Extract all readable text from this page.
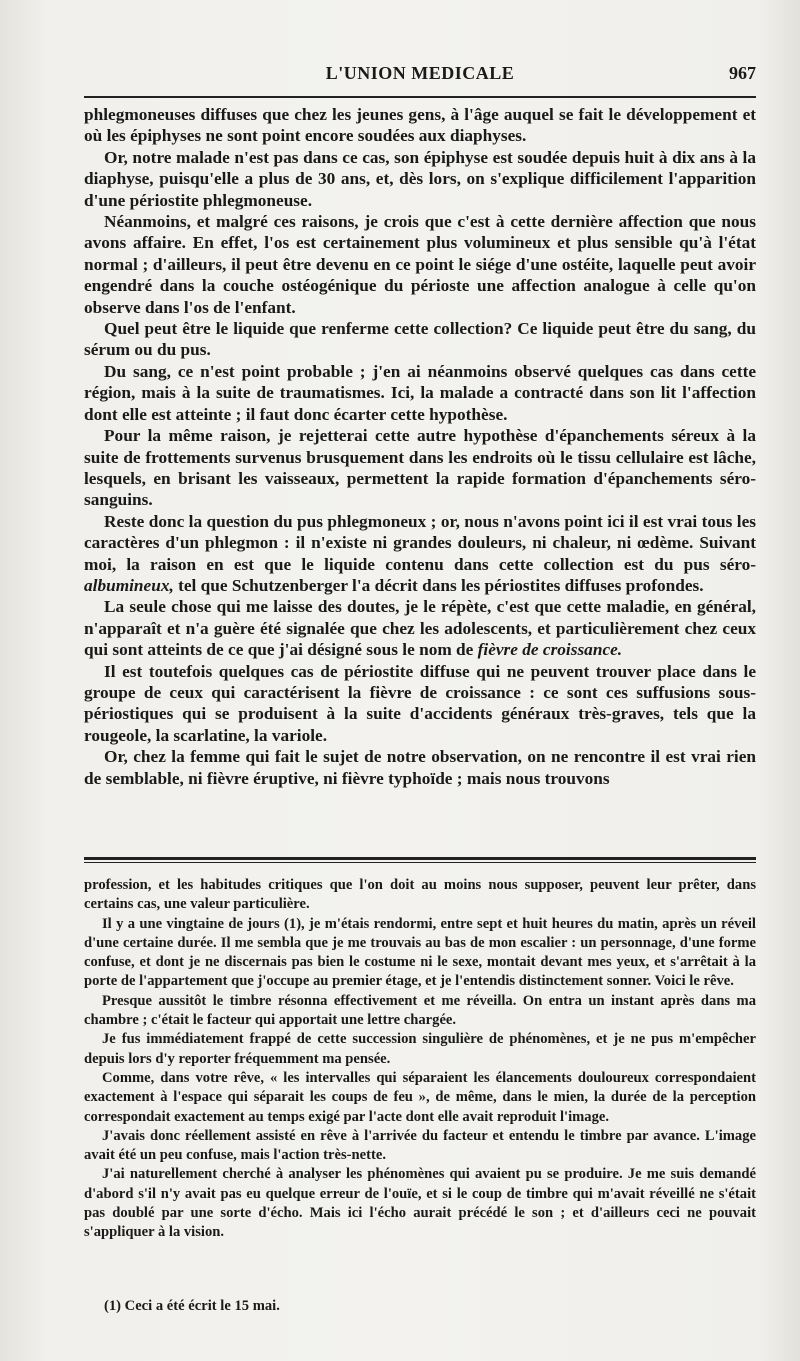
L'UNION MEDICALE	967

phlegmoneuses diffuses que chez les jeunes gens, à l'âge auquel se fait le développement et où les épiphyses ne sont point encore soudées aux diaphyses.

Or, notre malade n'est pas dans ce cas, son épiphyse est soudée depuis huit à dix ans à la diaphyse, puisqu'elle a plus de 30 ans, et, dès lors, on s'explique difficilement l'apparition d'une périostite phlegmoneuse.

Néanmoins, et malgré ces raisons, je crois que c'est à cette dernière affection que nous avons affaire. En effet, l'os est certainement plus volumineux et plus sensible qu'à l'état normal ; d'ailleurs, il peut être devenu en ce point le siége d'une ostéite, laquelle peut avoir engendré dans la couche ostéogénique du périoste une affection analogue à celle qu'on observe dans l'os de l'enfant.

Quel peut être le liquide que renferme cette collection? Ce liquide peut être du sang, du sérum ou du pus.

Du sang, ce n'est point probable ; j'en ai néanmoins observé quelques cas dans cette région, mais à la suite de traumatismes. Ici, la malade a contracté dans son lit l'affection dont elle est atteinte ; il faut donc écarter cette hypothèse.

Pour la même raison, je rejetterai cette autre hypothèse d'épanchements séreux à la suite de frottements survenus brusquement dans les endroits où le tissu cellulaire est lâche, lesquels, en brisant les vaisseaux, permettent la rapide formation d'épanchements séro-sanguins.

Reste donc la question du pus phlegmoneux ; or, nous n'avons point ici il est vrai tous les caractères d'un phlegmon : il n'existe ni grandes douleurs, ni chaleur, ni œdème. Suivant moi, la raison en est que le liquide contenu dans cette collection est du pus séro-albumineux, tel que Schutzenberger l'a décrit dans les périostites diffuses profondes.

La seule chose qui me laisse des doutes, je le répète, c'est que cette maladie, en général, n'apparaît et n'a guère été signalée que chez les adolescents, et particulièrement chez ceux qui sont atteints de ce que j'ai désigné sous le nom de fièvre de croissance.

Il est toutefois quelques cas de périostite diffuse qui ne peuvent trouver place dans le groupe de ceux qui caractérisent la fièvre de croissance : ce sont ces suffusions sous-périostiques qui se produisent à la suite d'accidents généraux très-graves, tels que la rougeole, la scarlatine, la variole.

Or, chez la femme qui fait le sujet de notre observation, on ne rencontre il est vrai rien de semblable, ni fièvre éruptive, ni fièvre typhoïde ; mais nous trouvons

profession, et les habitudes critiques que l'on doit au moins nous supposer, peuvent leur prêter, dans certains cas, une valeur particulière.

Il y a une vingtaine de jours (1), je m'étais rendormi, entre sept et huit heures du matin, après un réveil d'une certaine durée. Il me sembla que je me trouvais au bas de mon escalier : un personnage, d'une forme confuse, et dont je ne discernais pas bien le costume ni le sexe, montait devant mes yeux, et s'arrêtait à la porte de l'appartement que j'occupe au premier étage, et je l'entendis distinctement sonner. Voici le rêve.

Presque aussitôt le timbre résonna effectivement et me réveilla. On entra un instant après dans ma chambre ; c'était le facteur qui apportait une lettre chargée.

Je fus immédiatement frappé de cette succession singulière de phénomènes, et je ne pus m'empêcher depuis lors d'y reporter fréquemment ma pensée.

Comme, dans votre rêve, « les intervalles qui séparaient les élancements douloureux correspondaient exactement à l'espace qui séparait les coups de feu », de même, dans le mien, la durée de la perception correspondait exactement au temps exigé par l'acte dont elle avait reproduit l'image.

J'avais donc réellement assisté en rêve à l'arrivée du facteur et entendu le timbre par avance. L'image avait été un peu confuse, mais l'action très-nette.

J'ai naturellement cherché à analyser les phénomènes qui avaient pu se produire. Je me suis demandé d'abord s'il n'y avait pas eu quelque erreur de l'ouïe, et si le coup de timbre qui m'avait réveillé ne s'était pas doublé par une sorte d'écho. Mais ici l'écho aurait précédé le son ; et d'ailleurs ceci ne pouvait s'appliquer à la vision.

(1) Ceci a été écrit le 15 mai.
